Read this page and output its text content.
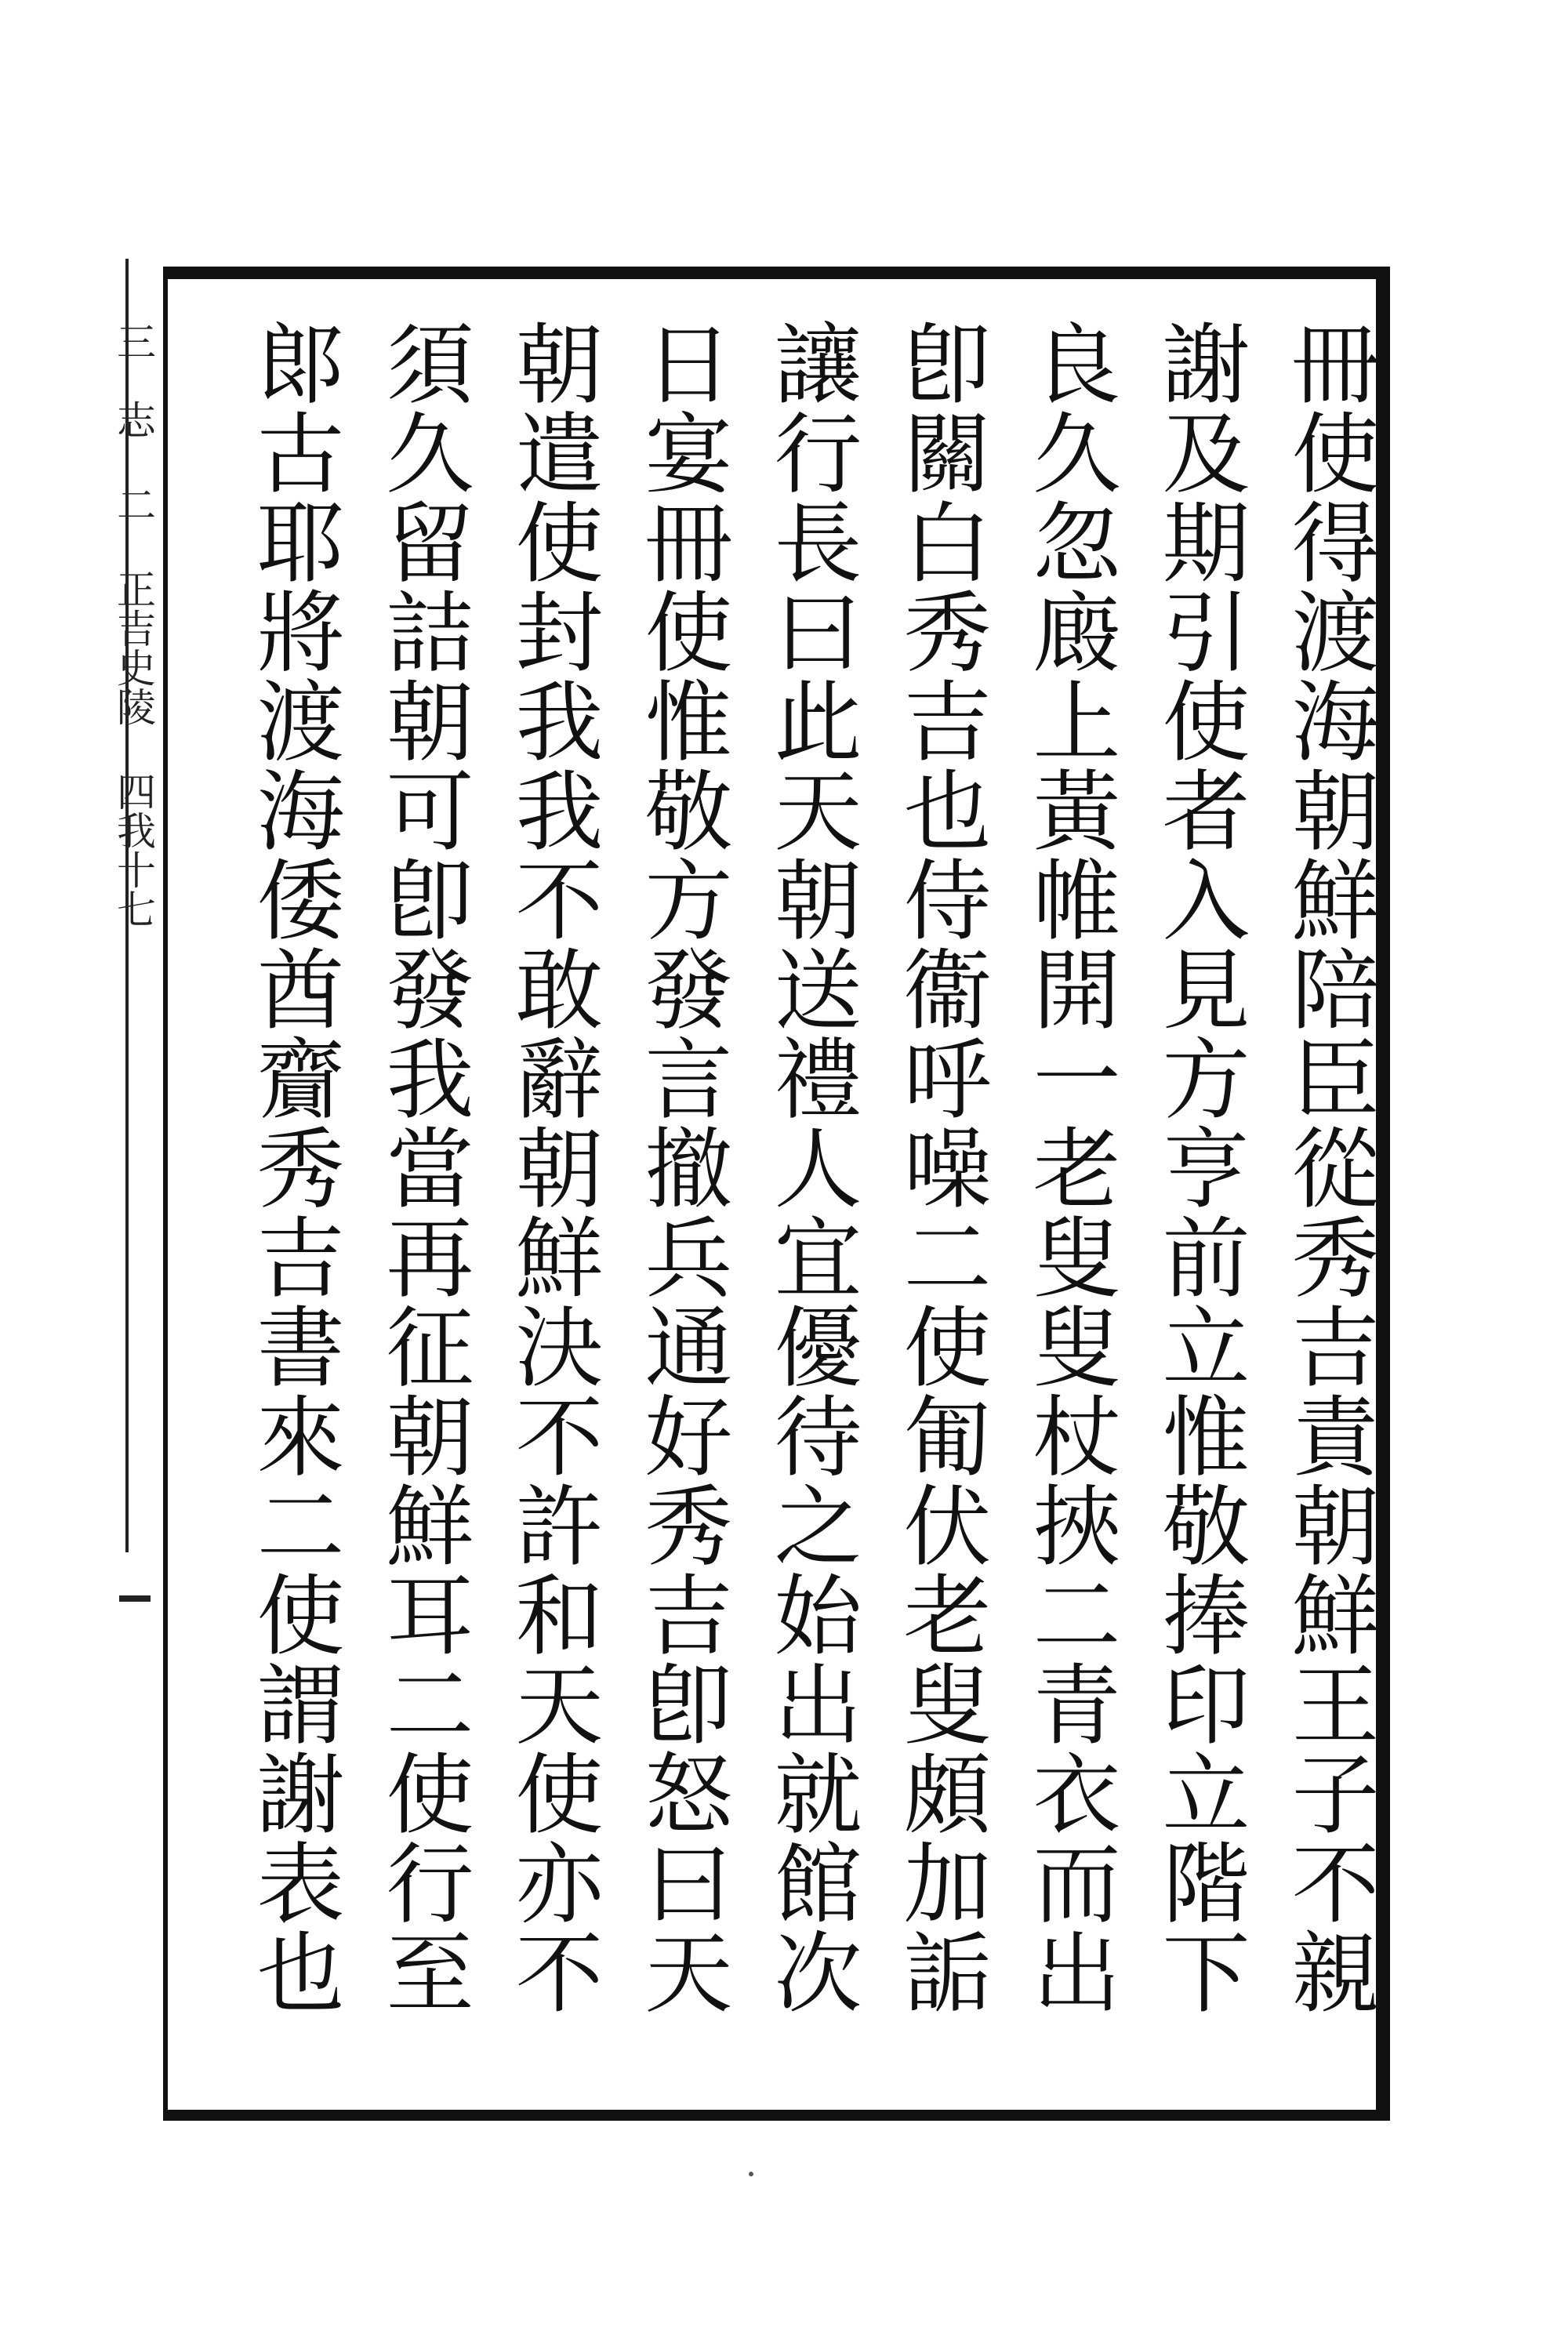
　三　志 二 正吉史陵 四我十七	冊使得渡海朝鮮陪臣從秀吉責朝鮮王子不親
謝及期引使者入見方亨前立惟敬捧印立階下
良久忽廄上黃帷開一老叟叟杖挾二青衣而出
卽關白秀吉也侍衞呼噪二使匍伏老叟頗加詬
讓行長曰此天朝送禮人宜優待之始出就館次
日宴冊使惟敬方發言撤兵通好秀吉卽怒曰天
朝遣使封我我不敢辭朝鮮決不許和天使亦不
須久留詰朝可卽發我當再征朝鮮耳二使行至
郞古耶將渡海倭酋齎秀吉書來二使謂謝表也
